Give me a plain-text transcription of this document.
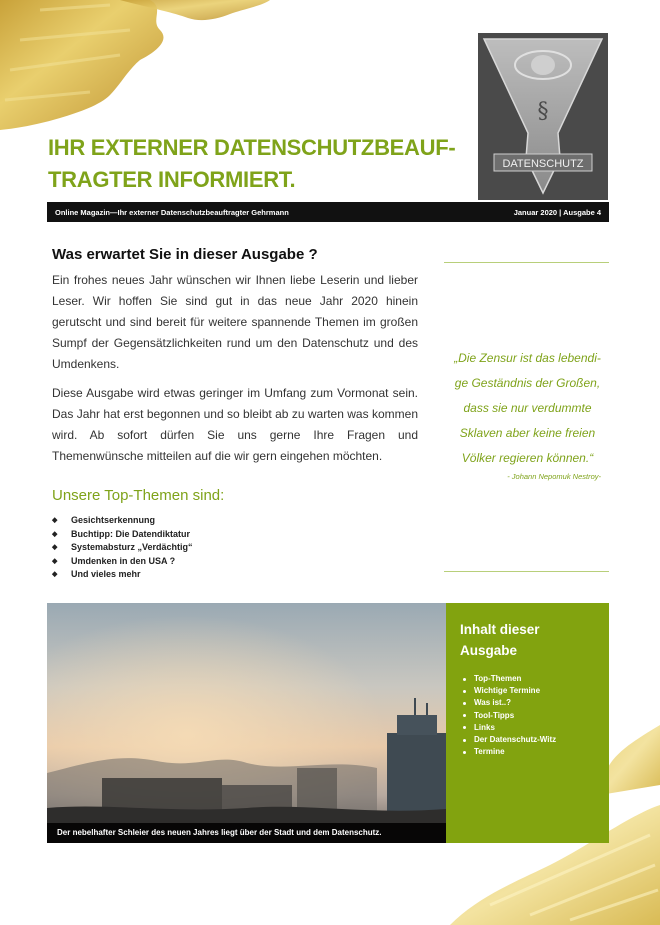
§
DATENSCHUTZ
IHR EXTERNER DATENSCHUTZBEAUF-
TRAGTER INFORMIERT.
Online Magazin—Ihr externer Datenschutzbeauftragter Gehrmann	Januar 2020 | Ausgabe 4
Was erwartet Sie in dieser Ausgabe ?

Ein frohes neues Jahr wünschen wir Ihnen liebe Leserin und lieber Leser. Wir hoffen Sie sind gut in das neue Jahr 2020 hinein gerutscht und sind bereit für weitere spannende Themen im großen Sumpf der Gegensätzlichkeiten rund um den Datenschutz und des Umdenkens.

Diese Ausgabe wird etwas geringer im Umfang zum Vormonat sein. Das Jahr hat erst begonnen und so bleibt ab zu warten was kommen wird. Ab sofort dürfen Sie uns gerne Ihre Fragen und Themenwünsche mitteilen auf die wir gern eingehen möchten.

Unsere Top-Themen sind:
◆ Gesichtserkennung
◆ Buchtipp: Die Datendiktatur
◆ Systemabsturz „Verdächtig“
◆ Umdenken in den USA ?
◆ Und vieles mehr
„Die Zensur ist das lebendi-
ge Geständnis der Großen,
dass sie nur verdummte
Sklaven aber keine freien
Völker regieren können.“
- Johann Nepomuk Nestroy-
Der nebelhafter Schleier des neuen Jahres liegt über der Stadt und dem Datenschutz.
Inhalt dieser
Ausgabe
Top-Themen
Wichtige Termine
Was ist..?
Tool-Tipps
Links
Der Datenschutz-Witz
Termine
